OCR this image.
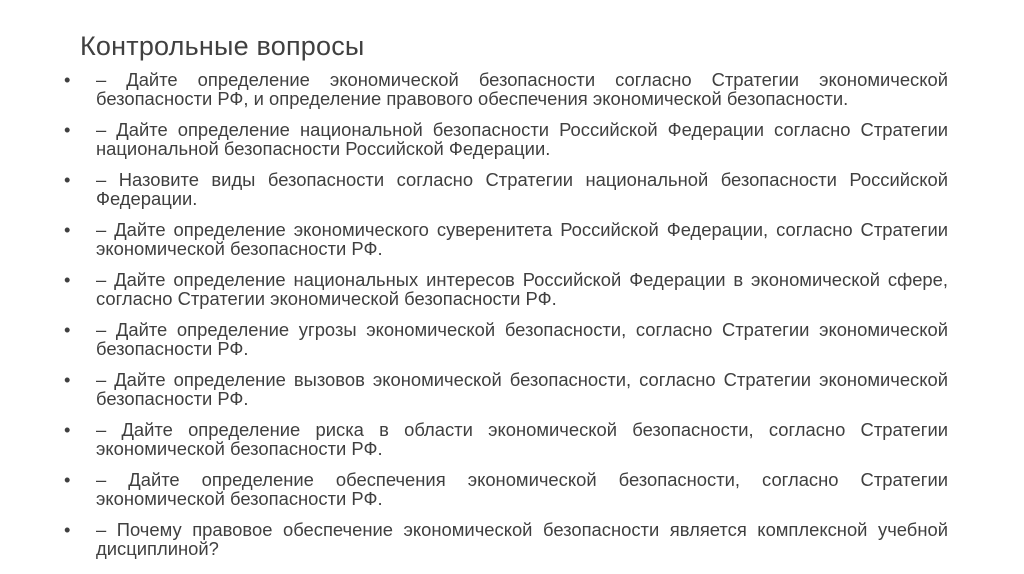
Контрольные вопросы
• – Дайте определение экономической безопасности согласно Стратегии экономической безопасности РФ, и определение правового обеспечения экономической безопасности.
• – Дайте определение национальной безопасности Российской Федерации согласно Стратегии национальной безопасности Российской Федерации.
• – Назовите виды безопасности согласно Стратегии национальной безопасности Российской Федерации.
• – Дайте определение экономического суверенитета Российской Федерации, согласно Стратегии экономической безопасности РФ.
• – Дайте определение национальных интересов Российской Федерации в экономической сфере, согласно Стратегии экономической безопасности РФ.
• – Дайте определение угрозы экономической безопасности, согласно Стратегии экономической безопасности РФ.
• – Дайте определение вызовов экономической безопасности, согласно Стратегии экономической безопасности РФ.
• – Дайте определение риска в области экономической безопасности, согласно Стратегии экономической безопасности РФ.
• – Дайте определение обеспечения экономической безопасности, согласно Стратегии экономической безопасности РФ.
• – Почему правовое обеспечение экономической безопасности является комплексной учебной дисциплиной?
